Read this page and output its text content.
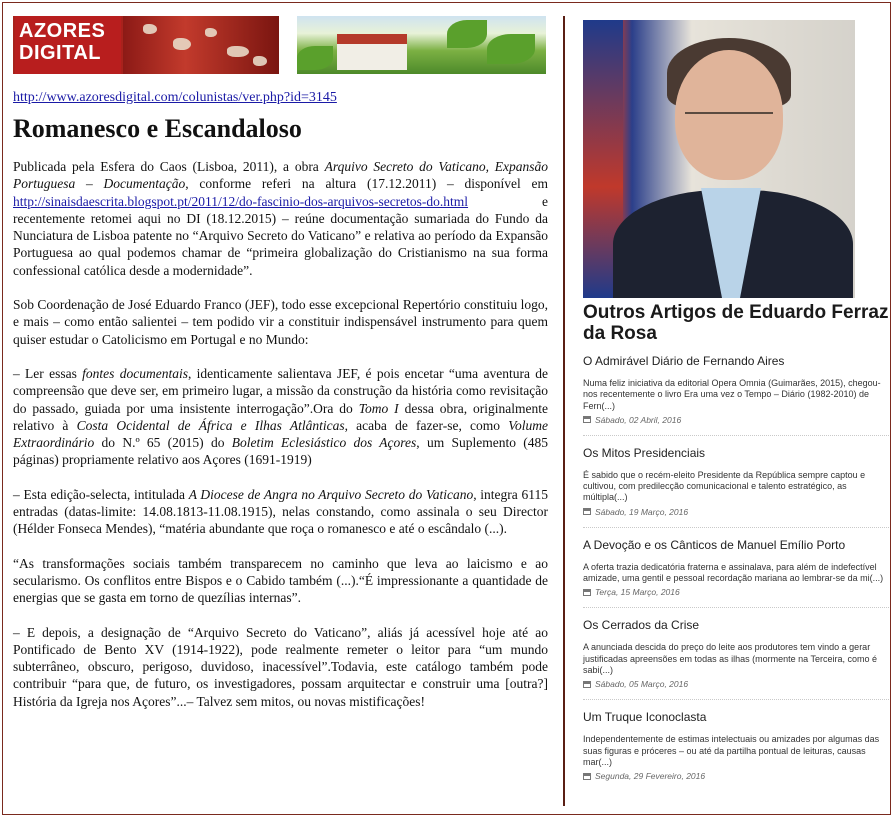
AZORES
DIGITAL
http://www.azoresdigital.com/colunistas/ver.php?id=3145
Romanesco e Escandaloso

Publicada pela Esfera do Caos (Lisboa, 2011), a obra Arquivo Secreto do Vaticano, Expansão Portuguesa – Documentação, conforme referi na altura (17.12.2011) – disponível em http://sinaisdaescrita.blogspot.pt/2011/12/do-fascinio-dos-arquivos-secretos-do.html e recentemente retomei aqui no DI (18.12.2015) – reúne documentação sumariada do Fundo da Nunciatura de Lisboa patente no “Arquivo Secreto do Vaticano” e relativa ao período da Expansão Portuguesa ao qual podemos chamar de “primeira globalização do Cristianismo na sua forma confessional católica desde a modernidade”.

Sob Coordenação de José Eduardo Franco (JEF), todo esse excepcional Repertório constituiu logo, e mais – como então salientei – tem podido vir a constituir indispensável instrumento para quem quiser estudar o Catolicismo em Portugal e no Mundo:

– Ler essas fontes documentais, identicamente salientava JEF, é pois encetar “uma aventura de compreensão que deve ser, em primeiro lugar, a missão da construção da história como revisitação do passado, guiada por uma insistente interrogação”.Ora do Tomo I dessa obra, originalmente relativo à Costa Ocidental de África e Ilhas Atlânticas, acaba de fazer-se, como Volume Extraordinário do N.º 65 (2015) do Boletim Eclesiástico dos Açores, um Suplemento (485 páginas) propriamente relativo aos Açores (1691-1919)

– Esta edição-selecta, intitulada A Diocese de Angra no Arquivo Secreto do Vaticano, integra 6115 entradas (datas-limite: 14.08.1813-11.08.1915), nelas constando, como assinala o seu Director (Hélder Fonseca Mendes), “matéria abundante que roça o romanesco e até o escândalo (...).

“As transformações sociais também transparecem no caminho que leva ao laicismo e ao secularismo. Os conflitos entre Bispos e o Cabido também (...).“É impressionante a quantidade de energias que se gasta em torno de quezílias internas”.

– E depois, a designação de “Arquivo Secreto do Vaticano”, aliás já acessível hoje até ao Pontificado de Bento XV (1914-1922), pode realmente remeter o leitor para “um mundo subterrâneo, obscuro, perigoso, duvidoso, inacessível”.Todavia, este catálogo também pode contribuir “para que, de futuro, os investigadores, possam arquitectar e construir uma [outra?] História da Igreja nos Açores”...– Talvez sem mitos, ou novas mistificações!

Outros Artigos de Eduardo Ferraz da Rosa
O Admirável Diário de Fernando Aires
Numa feliz iniciativa da editorial Opera Omnia (Guimarães, 2015), chegou-nos recentemente o livro Era uma vez o Tempo – Diário (1982-2010) de Fern(...)
Sábado, 02 Abril, 2016
Os Mitos Presidenciais
É sabido que o recém-eleito Presidente da República sempre captou e cultivou, com predilecção comunicacional e talento estratégico, as múltipla(...)
Sábado, 19 Março, 2016
A Devoção e os Cânticos de Manuel Emílio Porto
A oferta trazia dedicatória fraterna e assinalava, para além de indefectível amizade, uma gentil e pessoal recordação mariana ao lembrar-se da mi(...)
Terça, 15 Março, 2016
Os Cerrados da Crise
A anunciada descida do preço do leite aos produtores tem vindo a gerar justificadas apreensões em todas as ilhas (mormente na Terceira, como é sabi(...)
Sábado, 05 Março, 2016
Um Truque Iconoclasta
Independentemente de estimas intelectuais ou amizades por algumas das suas figuras e próceres – ou até da partilha pontual de leituras, causas mar(...)
Segunda, 29 Fevereiro, 2016
